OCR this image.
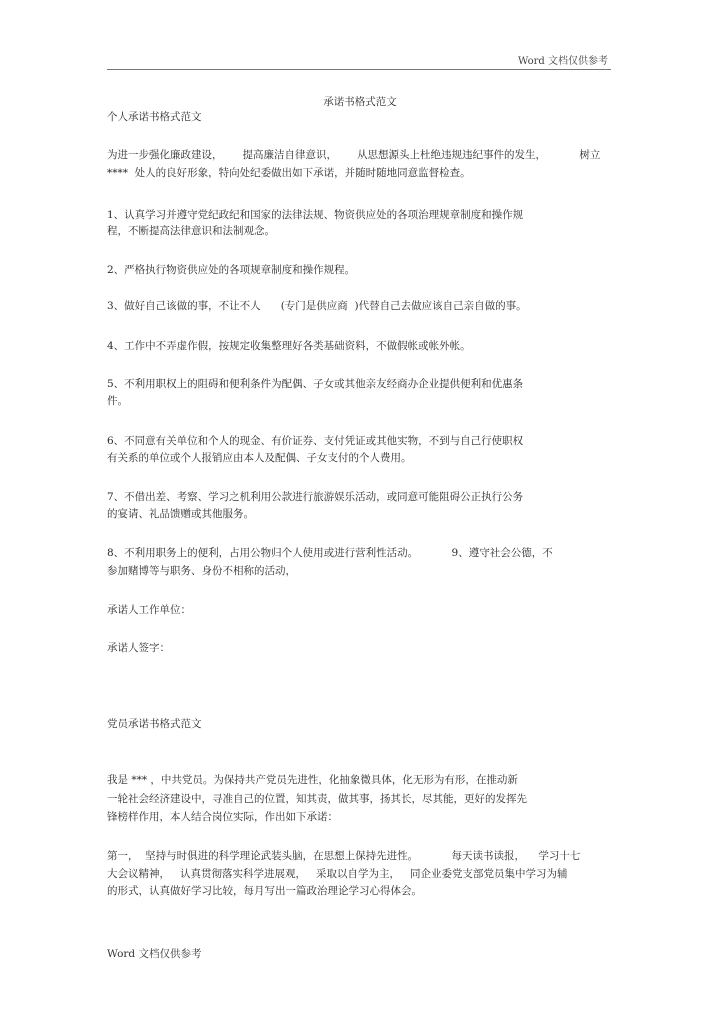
Word 文档仅供参考
承诺书格式范文

个人承诺书格式范文

为进一步强化廉政建设，      提高廉洁自律意识，      从思想源头上杜绝违规违纪事件的发生，          树立

****  处人的良好形象，特向处纪委做出如下承诺，并随时随地同意监督检查。

1、认真学习并遵守党纪政纪和国家的法律法规、物资供应处的各项治理规章制度和操作规

程，不断提高法律意识和法制观念。

2、严格执行物资供应处的各项规章制度和操作规程。

3、做好自己该做的事，不让不人      (专门是供应商  )代替自己去做应该自己亲自做的事。

4、工作中不弄虚作假，按规定收集整理好各类基础资料，不做假帐或帐外帐。

5、不利用职权上的阻碍和便利条件为配偶、子女或其他亲友经商办企业提供便利和优惠条

件。

6、不同意有关单位和个人的现金、有价证券、支付凭证或其他实物，不到与自己行使职权

有关系的单位或个人报销应由本人及配偶、子女支付的个人费用。

7、不借出差、考察、学习之机利用公款进行旅游娱乐活动，或同意可能阻碍公正执行公务

的宴请、礼品馈赠或其他服务。

8、不利用职务上的便利，占用公物归个人使用或进行营利性活动。          9、遵守社会公德，不

参加赌博等与职务、身份不相称的活动，

承诺人工作单位：

承诺人签字：

党员承诺书格式范文

我是 *** ，中共党员。为保持共产党员先进性，化抽象微具体，化无形为有形，在推动新

一轮社会经济建设中，寻准自己的位置，知其责，做其事，扬其长，尽其能，更好的发挥先

锋榜样作用，本人结合岗位实际，作出如下承诺：

第一，  坚持与时俱进的科学理论武装头脑，在思想上保持先进性。          每天读书读报，    学习十七

大会议精神，   认真贯彻落实科学进展观，   采取以自学为主，   同企业委党支部党员集中学习为辅

的形式，认真做好学习比较，每月写出一篇政治理论学习心得体会。

Word 文档仅供参考
